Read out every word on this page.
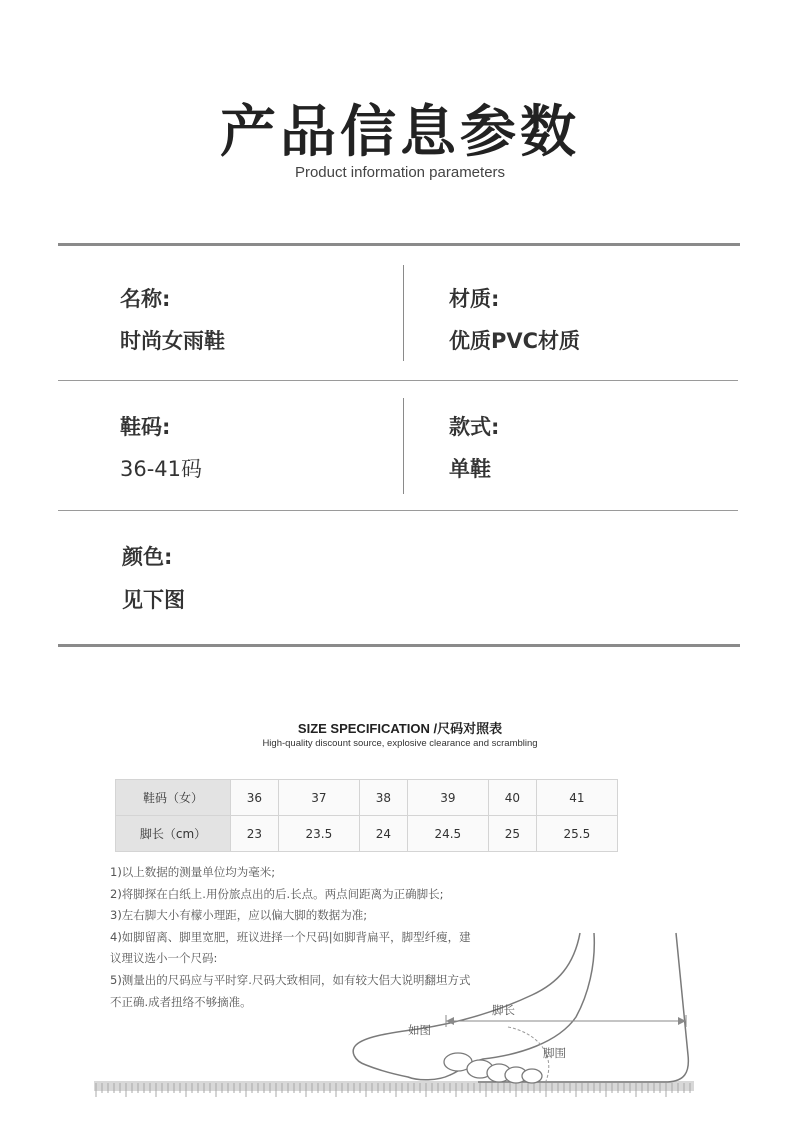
产品信息参数
Product information parameters
名称:
时尚女雨鞋
材质:
优质PVC材质
鞋码:
36-41码
款式:
单鞋
颜色:
见下图
SIZE SPECIFICATION /尺码对照表
High-quality discount source, explosive clearance and scrambling
鞋码（女）	36	37	38	39	40	41
脚长（cm）	23	23.5	24	24.5	25	25.5
1)以上数据的测量单位均为毫米;
2)将脚探在白纸上.用份旅点出的后.长点。两点间距离为正确脚长;
3)左右脚大小有檬小理距，应以偏大脚的数据为准;
4)如脚留离、脚里宽肥，班议进择一个尺码|如脚背扁平，脚型纤瘦，建
议理议选小一个尺码:
5)测量出的尺码应与平时穿.尺码大致相同，如有较大侣大说明翻坦方式
不正确.成者扭络不够摘准。
如图
脚长
脚围
